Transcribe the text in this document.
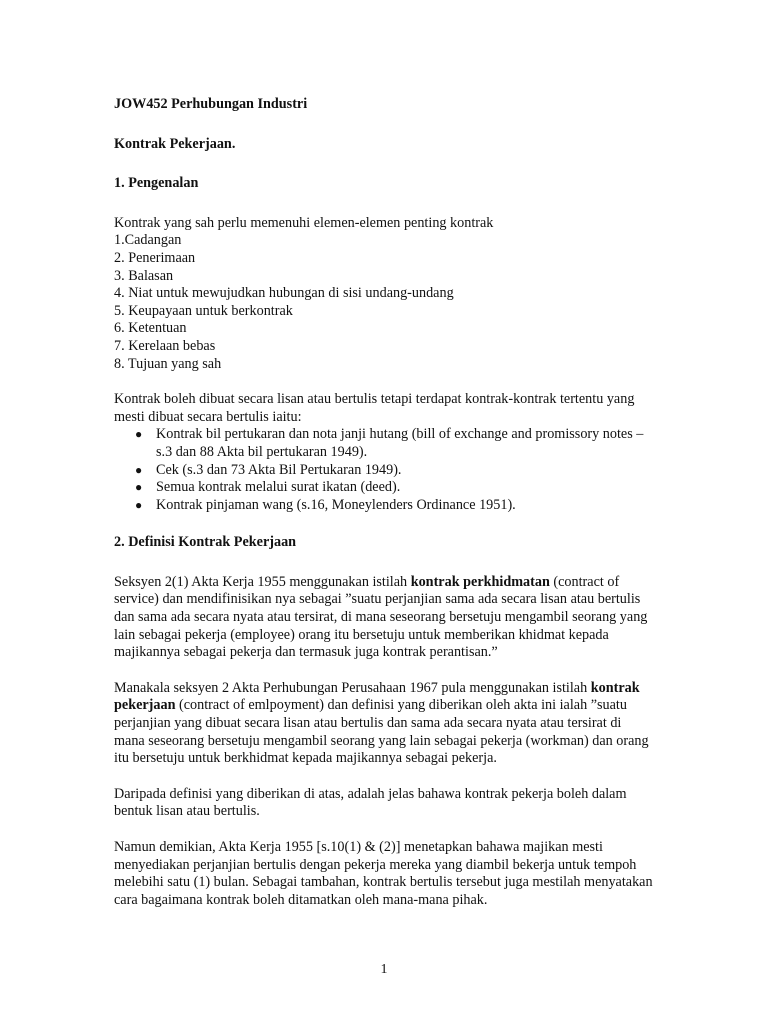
JOW452 Perhubungan Industri

Kontrak Pekerjaan.

1. Pengenalan

Kontrak yang sah perlu memenuhi elemen-elemen penting kontrak

1.Cadangan
2. Penerimaan
3. Balasan
4. Niat untuk mewujudkan hubungan di sisi undang-undang
5. Keupayaan untuk berkontrak
6. Ketentuan
7. Kerelaan bebas
8. Tujuan yang sah

Kontrak boleh dibuat secara lisan atau bertulis tetapi terdapat kontrak-kontrak tertentu yang mesti dibuat secara bertulis iaitu:

● Kontrak bil pertukaran dan nota janji hutang (bill of exchange and promissory notes – s.3 dan 88 Akta bil pertukaran 1949).
● Cek (s.3 dan 73 Akta Bil Pertukaran 1949).
● Semua kontrak melalui surat ikatan (deed).
● Kontrak pinjaman wang (s.16, Moneylenders Ordinance 1951).

2. Definisi Kontrak Pekerjaan

Seksyen 2(1) Akta Kerja 1955 menggunakan istilah kontrak perkhidmatan (contract of service) dan mendifinisikan nya sebagai ”suatu perjanjian sama ada secara lisan atau bertulis dan sama ada secara nyata atau tersirat, di mana seseorang bersetuju mengambil seorang yang lain sebagai pekerja (employee) orang itu bersetuju untuk memberikan khidmat kepada majikannya sebagai pekerja dan termasuk juga kontrak perantisan.”

Manakala seksyen 2 Akta Perhubungan Perusahaan 1967 pula menggunakan istilah kontrak pekerjaan (contract of emlpoyment) dan definisi yang diberikan oleh akta ini ialah ”suatu perjanjian yang dibuat secara lisan atau bertulis dan sama ada secara nyata atau tersirat di mana seseorang bersetuju mengambil seorang yang lain sebagai pekerja (workman) dan orang itu bersetuju untuk berkhidmat kepada majikannya sebagai pekerja.

Daripada definisi yang diberikan di atas, adalah jelas bahawa kontrak pekerja boleh dalam bentuk lisan atau bertulis.

Namun demikian, Akta Kerja 1955 [s.10(1) & (2)] menetapkan bahawa majikan mesti menyediakan perjanjian bertulis dengan pekerja mereka yang diambil bekerja untuk tempoh melebihi satu (1) bulan. Sebagai tambahan, kontrak bertulis tersebut juga mestilah menyatakan cara bagaimana kontrak boleh ditamatkan oleh mana-mana pihak.

1
